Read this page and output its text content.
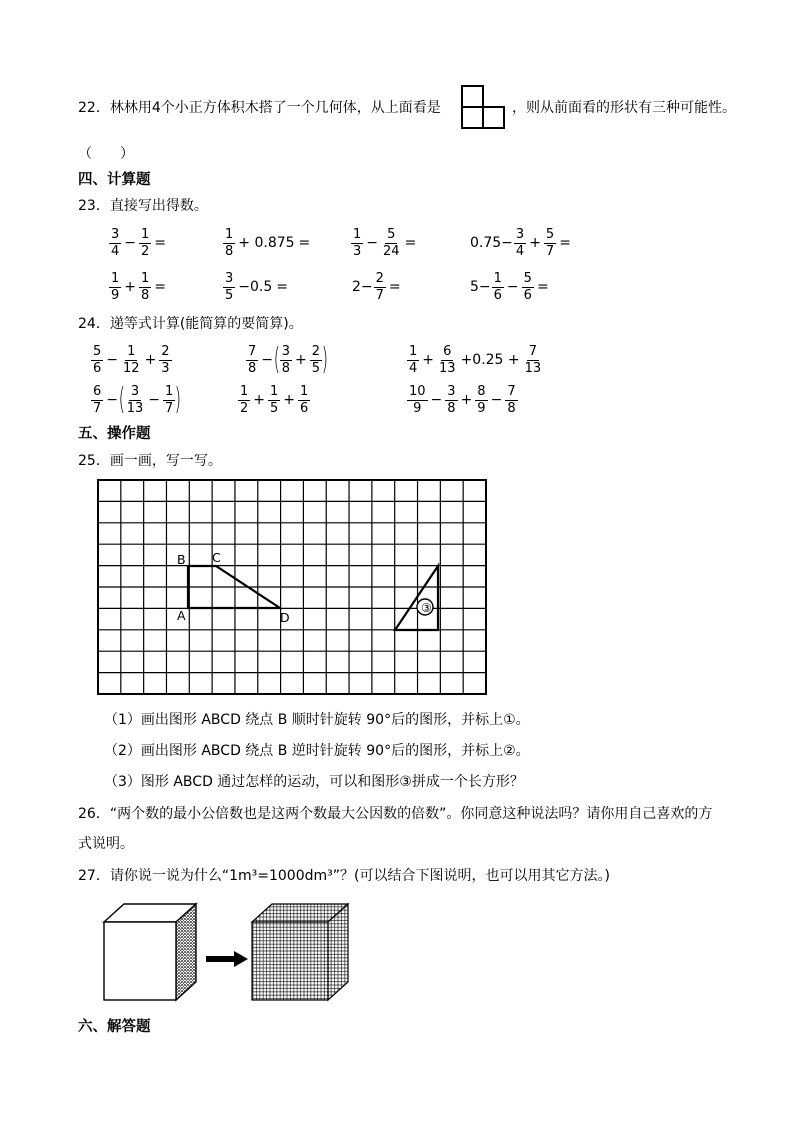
22．林林用4个小正方体积木搭了一个几何体，从上面看是	，则从前面看的形状有三种可能性。
（　　）
四、计算题
23．直接写出得数。
$\frac{3}{4} - \frac{1}{2}$ =	$\frac{1}{8} + 0.875$ =	$\frac{1}{3} - \frac{5}{24}$ =	$0.75- \frac{3}{4} + \frac{5}{7}$ =
$\frac{1}{9} + \frac{1}{8}$ =	$\frac{3}{5} -0.5$ =	$2- \frac{2}{7}$ =	$5- \frac{1}{6} - \frac{5}{6}$ =
24．递等式计算(能简算的要简算)。
$\frac{5}{6} - \frac{1}{12} + \frac{2}{3}$	$\frac{7}{8}$ − ( $\frac{3}{8} + \frac{2}{5}$ )	$\frac{1}{4} + \frac{6}{13} +0.25 + \frac{7}{13}$
$\frac{6}{7}$ − ( $\frac{3}{13} - \frac{1}{7}$ )	$\frac{1}{2} + \frac{1}{5} + \frac{1}{6}$	$\frac{10}{9} - \frac{3}{8} + \frac{8}{9} - \frac{7}{8}$
五、操作题
25．画一画，写一写。
③
B C
A	D
（1）画出图形 ABCD 绕点 B 顺时针旋转 90°后的图形，并标上①。
（2）画出图形 ABCD 绕点 B 逆时针旋转 90°后的图形，并标上②。
（3）图形 ABCD 通过怎样的运动，可以和图形③拼成一个长方形？
26．“两个数的最小公倍数也是这两个数最大公因数的倍数”。你同意这种说法吗？请你用自己喜欢的方
式说明。
27．请你说一说为什么“1m³=1000dm³”？(可以结合下图说明，也可以用其它方法。)
六、解答题
